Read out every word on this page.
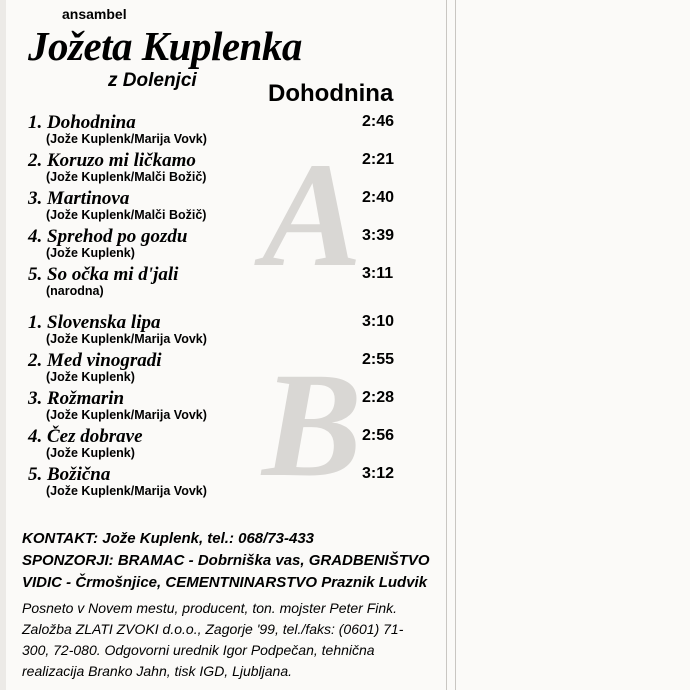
A
B
ansambel
Jožeta Kuplenka
z Dolenjci	Dohodnina
1. Dohodnina	2:46
(Jože Kuplenk/Marija Vovk)
2. Koruzo mi ličkamo	2:21
(Jože Kuplenk/Malči Božič)
3. Martinova	2:40
(Jože Kuplenk/Malči Božič)
4. Sprehod po gozdu	3:39
(Jože Kuplenk)
5. So očka mi d'jali	3:11
(narodna)
1. Slovenska lipa	3:10
(Jože Kuplenk/Marija Vovk)
2. Med vinogradi	2:55
(Jože Kuplenk)
3. Rožmarin	2:28
(Jože Kuplenk/Marija Vovk)
4. Čez dobrave	2:56
(Jože Kuplenk)
5. Božična	3:12
(Jože Kuplenk/Marija Vovk)
KONTAKT: Jože Kuplenk, tel.: 068/73-433
SPONZORJI: BRAMAC - Dobrniška vas, GRADBENIŠTVO
VIDIC - Črmošnjice, CEMENTNINARSTVO Praznik Ludvik
Posneto v Novem mestu, producent, ton. mojster Peter Fink.
Založba ZLATI ZVOKI d.o.o., Zagorje '99, tel./faks: (0601) 71-
300, 72-080. Odgovorni urednik Igor Podpečan, tehnična
realizacija Branko Jahn, tisk IGD, Ljubljana.
